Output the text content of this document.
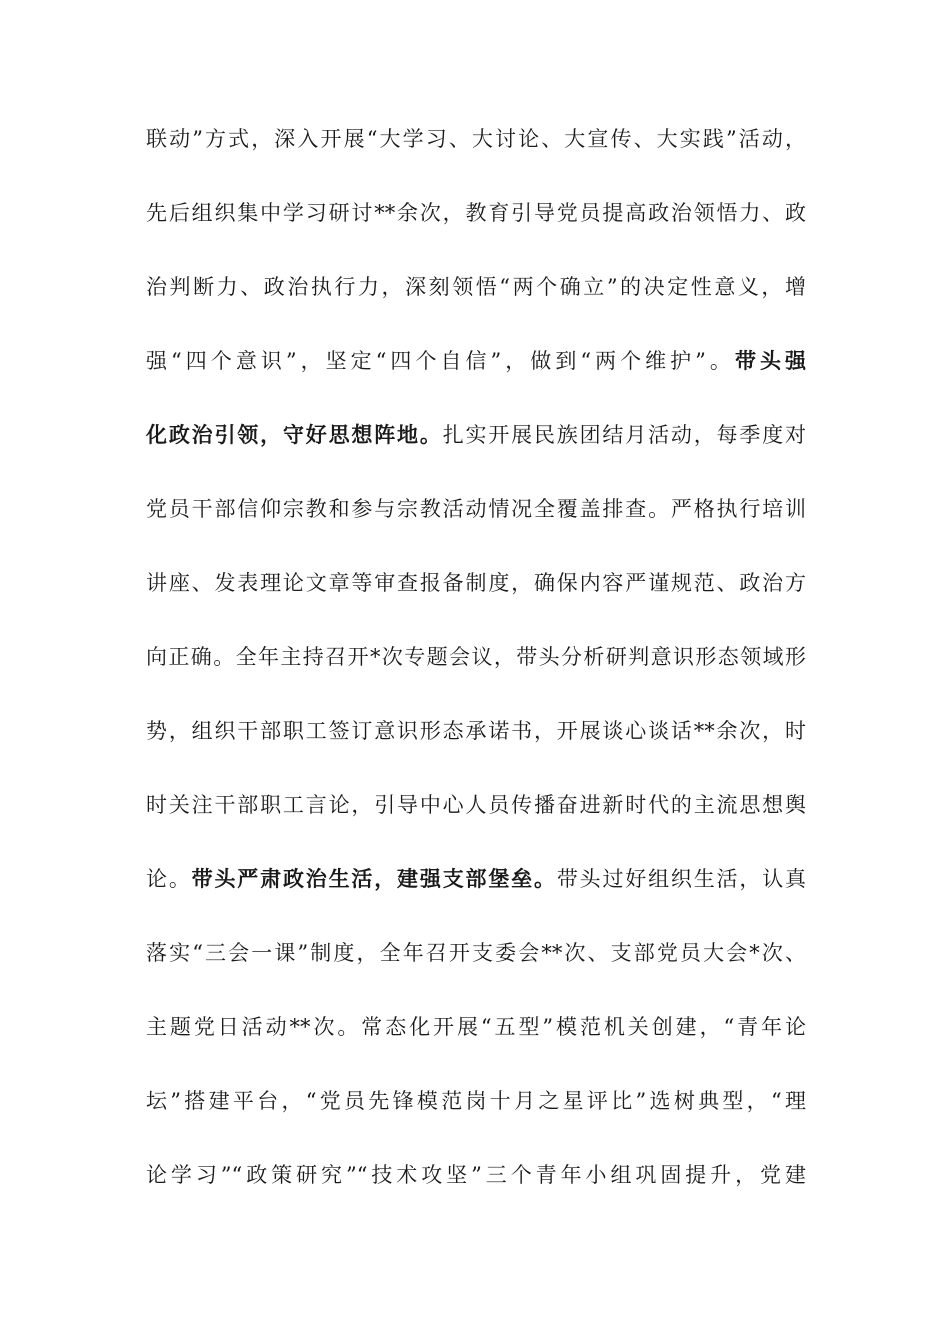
联动”方式，深入开展“大学习、大讨论、大宣传、大实践”活动，
先后组织集中学习研讨**余次，教育引导党员提高政治领悟力、政
治判断力、政治执行力，深刻领悟“两个确立”的决定性意义，增
强“四个意识”，坚定“四个自信”，做到“两个维护”。带头强
化政治引领，守好思想阵地。扎实开展民族团结月活动，每季度对
党员干部信仰宗教和参与宗教活动情况全覆盖排查。严格执行培训
讲座、发表理论文章等审查报备制度，确保内容严谨规范、政治方
向正确。全年主持召开*次专题会议，带头分析研判意识形态领域形
势，组织干部职工签订意识形态承诺书，开展谈心谈话**余次，时
时关注干部职工言论，引导中心人员传播奋进新时代的主流思想舆
论。带头严肃政治生活，建强支部堡垒。带头过好组织生活，认真
落实“三会一课”制度，全年召开支委会**次、支部党员大会*次、
主题党日活动**次。常态化开展“五型”模范机关创建，“青年论
坛”搭建平台，“党员先锋模范岗十月之星评比”选树典型，“理
论学习”“政策研究”“技术攻坚”三个青年小组巩固提升，党建
